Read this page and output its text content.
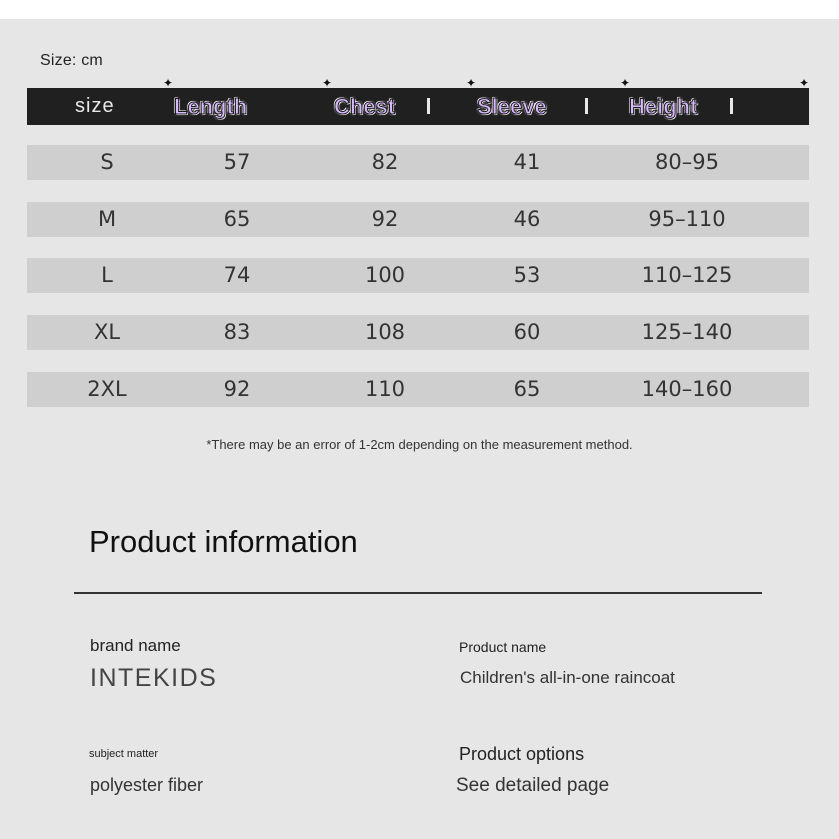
Size: cm
size	Length	Chest	Sleeve	Height
✦	✦	✦	✦	✦
S	57	82	41	80–95
M	65	92	46	95–110
L	74	100	53	110–125
XL	83	108	60	125–140
2XL	92	110	65	140–160
*There may be an error of 1-2cm depending on the measurement method.
Product information
brand name
INTEKIDS
Product name
Children's all-in-one raincoat
subject matter
polyester fiber
Product options
See detailed page
